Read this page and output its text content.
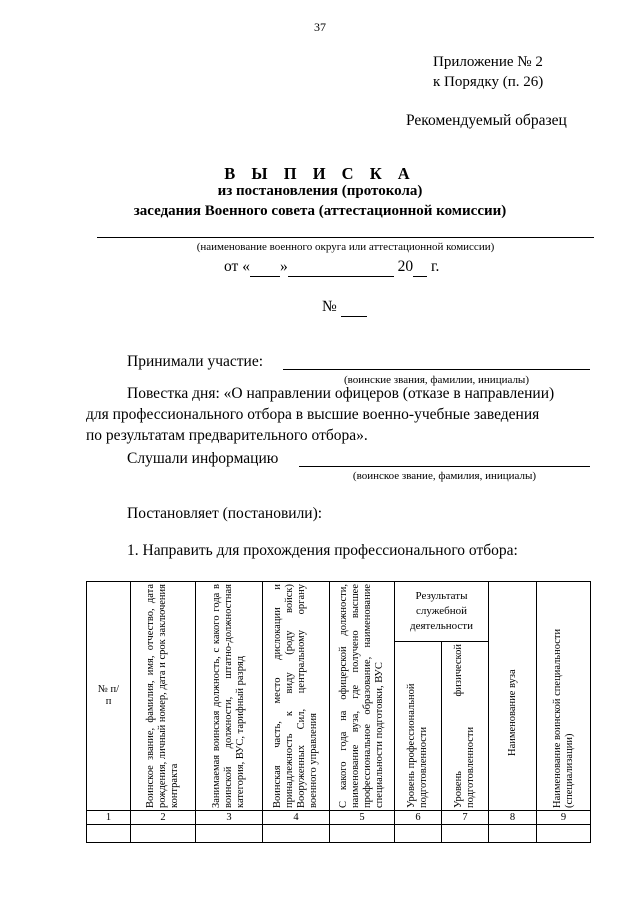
37
Приложение № 2
к Порядку (п. 26)
Рекомендуемый образец
В Ы П И С К А
из постановления (протокола)
заседания Военного совета (аттестационной комиссии)
(наименование военного округа или аттестационной комиссии)
от « »	20 г.
№
Принимали участие:
(воинские звания, фамилии, инициалы)
Повестка дня: «О направлении офицеров (отказе в направлении)
для профессионального отбора в высшие военно-учебные заведения
по результатам предварительного отбора».
Слушали информацию
(воинское звание, фамилия, инициалы)
Постановляет (постановили):
1. Направить для прохождения профессионального отбора:
№ п/п	Воинское звание, фамилия, имя, отчество, дата рождения, личный номер, дата и срок заключения контракта	Занимаемая воинская должность, с какого года в воинской должности, штатно-должностная категория, ВУС, тарифный разряд	Воинская часть, место дислокации и принадлежность к виду (роду войск) Вооруженных Сил, центральному органу военного управления	С какого года на офицерской должности, наименование вуза, где получено высшее профессиональное образование, наименование специальности подготовки, ВУС	Результаты служебной деятельности		Наименование вуза	Наименование воинской специальности (специализации)

					Уровень профессиональной подготовленности	Уровень физической подготовленности		

1	2	3	4	5	6	7	8	9
